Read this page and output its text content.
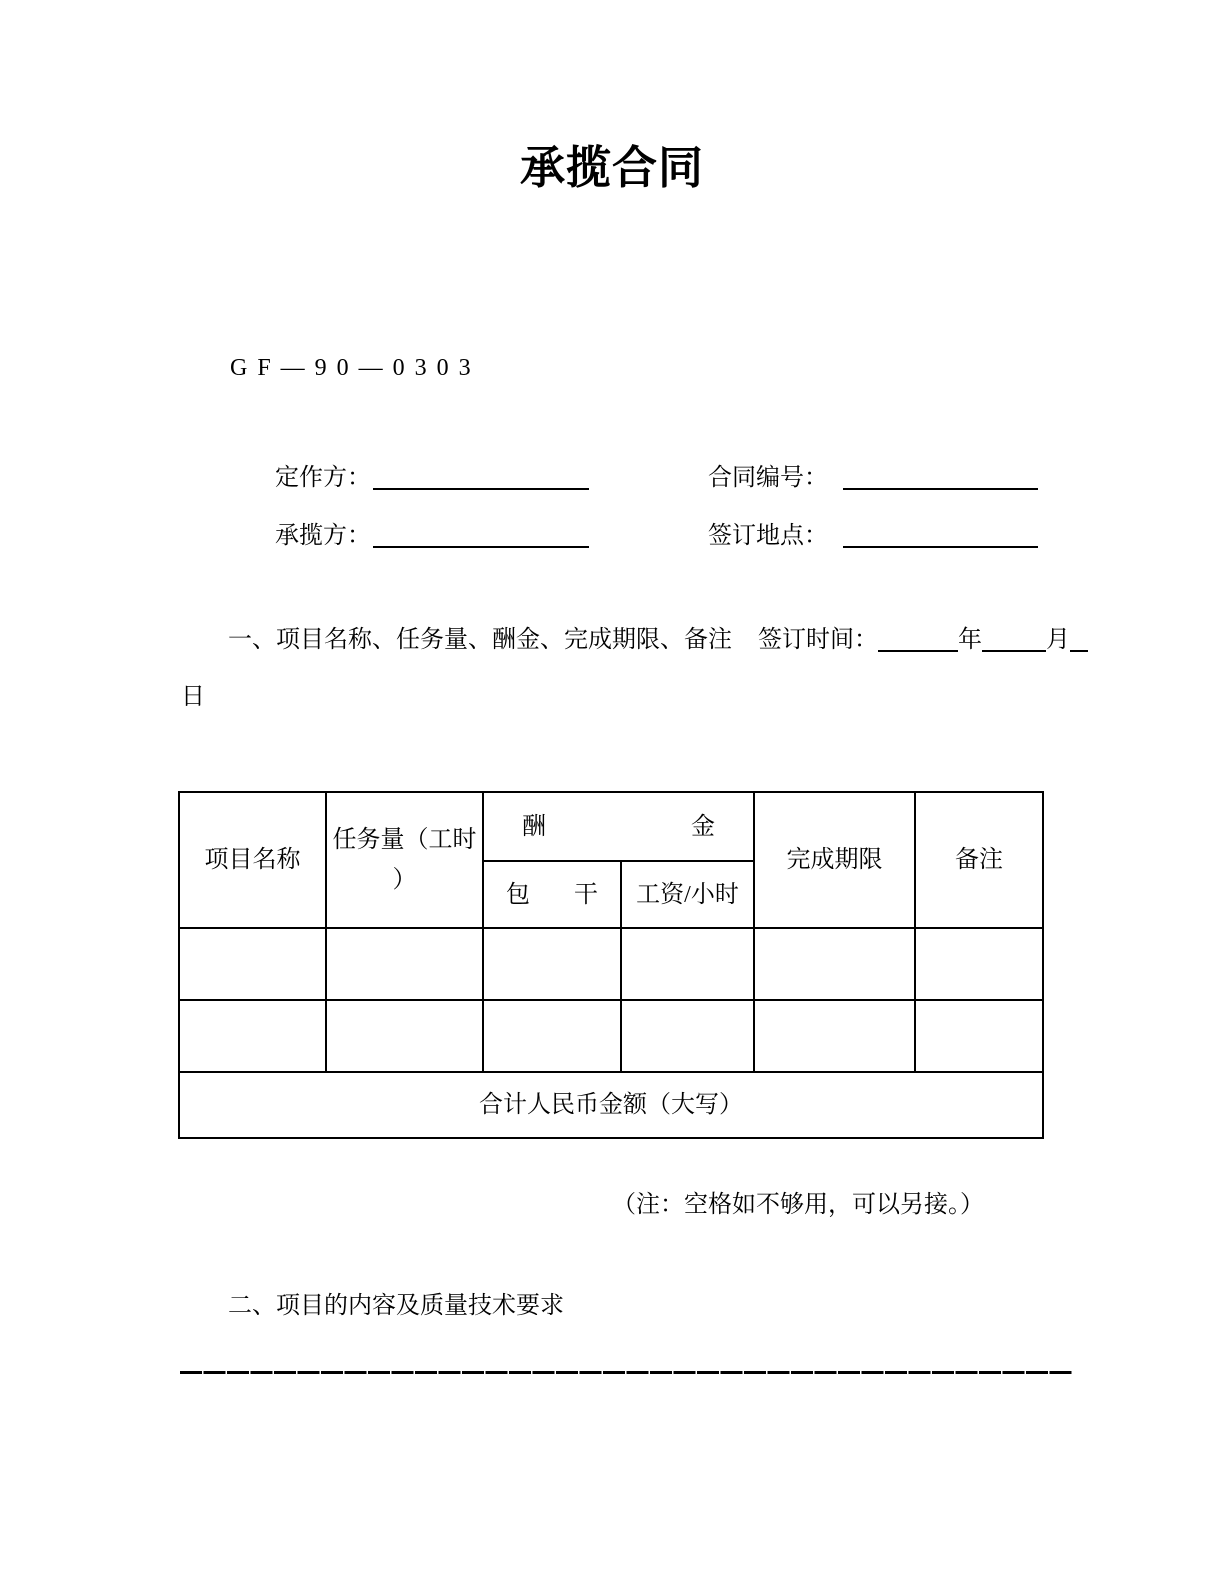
承揽合同
GF—90—0303
定作方：	合同编号：
承揽方：	签订地点：
一、项目名称、任务量、酬金、完成期限、备注 签订时间：	年	月
日
项目名称	任务量（工时）	酬 金		完成期限	备注

		包 干	工资/小时		

合计人民币金额（大写）					
（注：空格如不够用，可以另接。）
二、项目的内容及质量技术要求
